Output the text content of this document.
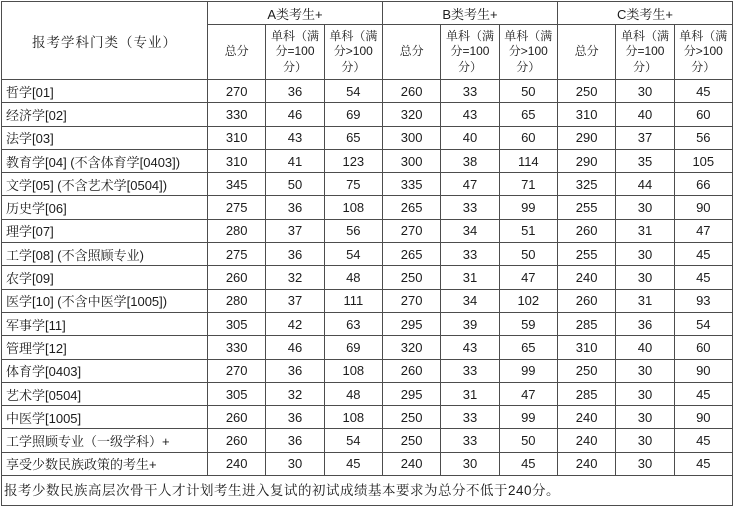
报考学科门类（专业）	A类考生+			B类考生+			C类考生+		
	总分	单科（满分=100分）	单科（满分>100分）	总分	单科（满分=100分）	单科（满分>100分）	总分	单科（满分=100分）	单科（满分>100分）
哲学[01]	270	36	54	260	33	50	250	30	45
经济学[02]	330	46	69	320	43	65	310	40	60
法学[03]	310	43	65	300	40	60	290	37	56
教育学[04] (不含体育学[0403])	310	41	123	300	38	114	290	35	105
文学[05] (不含艺术学[0504])	345	50	75	335	47	71	325	44	66
历史学[06]	275	36	108	265	33	99	255	30	90
理学[07]	280	37	56	270	34	51	260	31	47
工学[08] (不含照顾专业)	275	36	54	265	33	50	255	30	45
农学[09]	260	32	48	250	31	47	240	30	45
医学[10] (不含中医学[1005])	280	37	111	270	34	102	260	31	93
军事学[11]	305	42	63	295	39	59	285	36	54
管理学[12]	330	46	69	320	43	65	310	40	60
体育学[0403]	270	36	108	260	33	99	250	30	90
艺术学[0504]	305	32	48	295	31	47	285	30	45
中医学[1005]	260	36	108	250	33	99	240	30	90
工学照顾专业（一级学科）+	260	36	54	250	33	50	240	30	45
享受少数民族政策的考生+	240	30	45	240	30	45	240	30	45
报考少数民族高层次骨干人才计划考生进入复试的初试成绩基本要求为总分不低于240分。									
